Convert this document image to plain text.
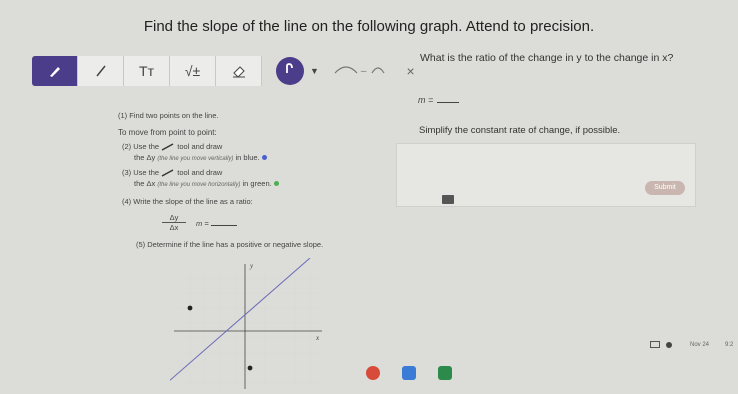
Find the slope of the line on the following graph. Attend to precision.
Tт √±	▼	–	×
(1) Find two points on the line.
To move from point to point:
(2) Use the tool and draw
the Δy (the line you move vertically) in blue.
(3) Use the tool and draw
the Δx (the line you move horizontally) in green.
(4) Write the slope of the line as a ratio:
$\frac{\Delta y}{\Delta x}$ m =
(5) Determine if the line has a positive or negative slope.
y
x
What is the ratio of the change in y to the change in x?
m =
Simplify the constant rate of change, if possible.
Submit
Nov 24	9:2
